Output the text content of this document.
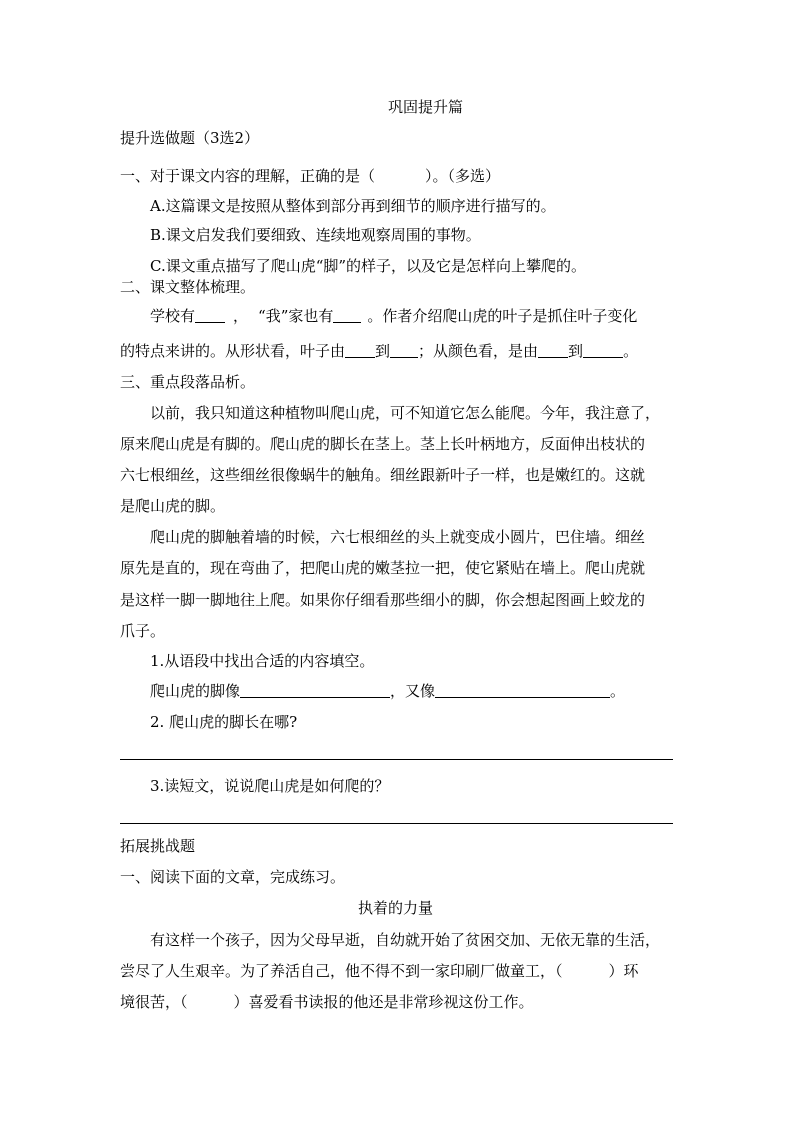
巩固提升篇
提升选做题（3选2）
一、对于课文内容的理解，正确的是（	）。（多选）
A.这篇课文是按照从整体到部分再到细节的顺序进行描写的。
B.课文启发我们要细致、连续地观察周围的事物。
C.课文重点描写了爬山虎“脚”的样子，以及它是怎样向上攀爬的。
二、课文整体梳理。
学校有	， “我”家也有 。作者介绍爬山虎的叶子是抓住叶子变化
的特点来讲的。从形状看，叶子由 到 ；从颜色看，是由 到	。
三、重点段落品析。
以前，我只知道这种植物叫爬山虎，可不知道它怎么能爬。今年，我注意了，
原来爬山虎是有脚的。爬山虎的脚长在茎上。茎上长叶柄地方，反面伸出枝状的
六七根细丝，这些细丝很像蜗牛的触角。细丝跟新叶子一样，也是嫩红的。这就
是爬山虎的脚。
爬山虎的脚触着墙的时候，六七根细丝的头上就变成小圆片，巴住墙。细丝
原先是直的，现在弯曲了，把爬山虎的嫩茎拉一把，使它紧贴在墙上。爬山虎就
是这样一脚一脚地往上爬。如果你仔细看那些细小的脚，你会想起图画上蛟龙的
爪子。
1.从语段中找出合适的内容填空。
爬山虎的脚像	，又像	。
2. 爬山虎的脚长在哪?
3.读短文，说说爬山虎是如何爬的？
拓展挑战题
一、阅读下面的文章，完成练习。
执着的力量
有这样一个孩子，因为父母早逝，自幼就开始了贫困交加、无依无靠的生活，
尝尽了人生艰辛。为了养活自己，他不得不到一家印刷厂做童工，（	）环
境很苦，（	）喜爱看书读报的他还是非常珍视这份工作。
